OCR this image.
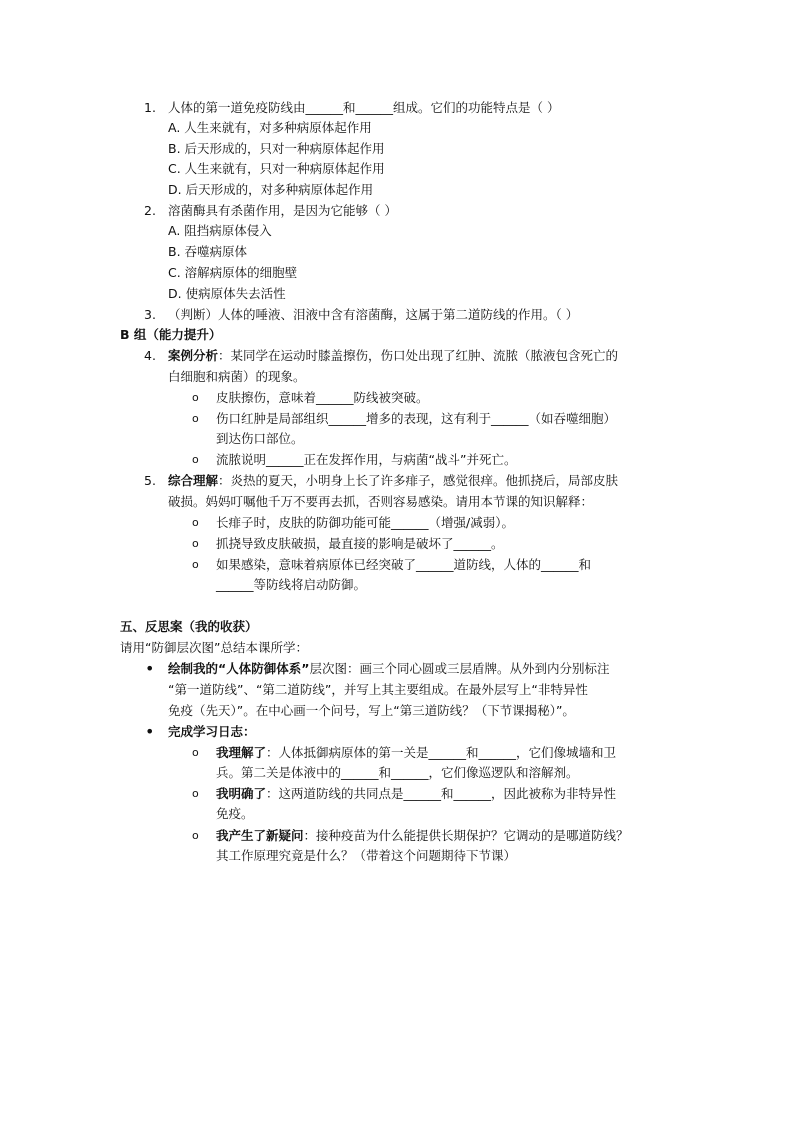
1. 人体的第一道免疫防线由______和______组成。它们的功能特点是（ ）
A. 人生来就有，对多种病原体起作用
B. 后天形成的，只对一种病原体起作用
C. 人生来就有，只对一种病原体起作用
D. 后天形成的，对多种病原体起作用
2. 溶菌酶具有杀菌作用，是因为它能够（ ）
A. 阻挡病原体侵入
B. 吞噬病原体
C. 溶解病原体的细胞壁
D. 使病原体失去活性
3. （判断）人体的唾液、泪液中含有溶菌酶，这属于第二道防线的作用。（ ）
B 组（能力提升）
4. 案例分析：某同学在运动时膝盖擦伤，伤口处出现了红肿、流脓（脓液包含死亡的
白细胞和病菌）的现象。
o 皮肤擦伤，意味着______防线被突破。
o 伤口红肿是局部组织______增多的表现，这有利于______（如吞噬细胞）
到达伤口部位。
o 流脓说明______正在发挥作用，与病菌“战斗”并死亡。
5. 综合理解：炎热的夏天，小明身上长了许多痱子，感觉很痒。他抓挠后，局部皮肤
破损。妈妈叮嘱他千万不要再去抓，否则容易感染。请用本节课的知识解释：
o 长痱子时，皮肤的防御功能可能______（增强/减弱）。
o 抓挠导致皮肤破损，最直接的影响是破坏了______。
o 如果感染，意味着病原体已经突破了______道防线，人体的______和
______等防线将启动防御。
五、反思案（我的收获）
请用“防御层次图”总结本课所学：
• 绘制我的“人体防御体系”层次图：画三个同心圆或三层盾牌。从外到内分别标注
“第一道防线”、“第二道防线”，并写上其主要组成。在最外层写上“非特异性
免疫（先天）”。在中心画一个问号，写上“第三道防线？（下节课揭秘）”。
• 完成学习日志：
o 我理解了：人体抵御病原体的第一关是______和______，它们像城墙和卫
兵。第二关是体液中的______和______，它们像巡逻队和溶解剂。
o 我明确了：这两道防线的共同点是______和______，因此被称为非特异性
免疫。
o 我产生了新疑问：接种疫苗为什么能提供长期保护？它调动的是哪道防线？
其工作原理究竟是什么？（带着这个问题期待下节课）
